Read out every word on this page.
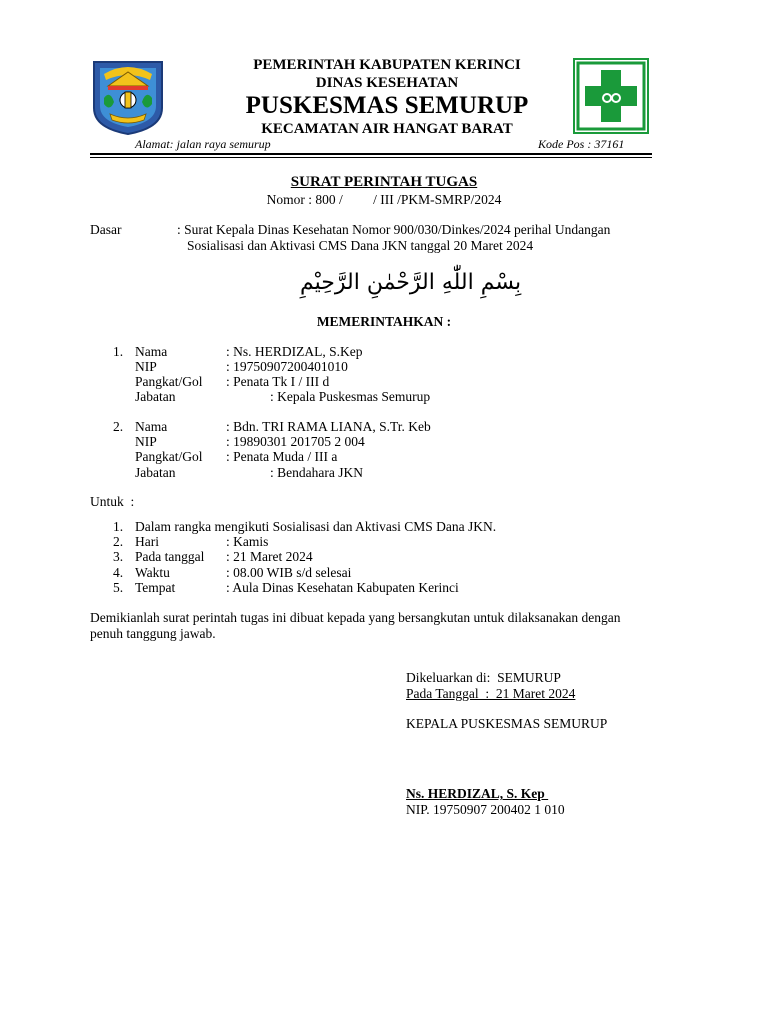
PEMERINTAH KABUPATEN KERINCI
DINAS KESEHATAN
PUSKESMAS SEMURUP
KECAMATAN AIR HANGAT BARAT
Alamat: jalan raya semurup	Kode Pos : 37161
SURAT PERINTAH TUGAS
Nomor : 800 /         / III /PKM-SMRP/2024
Dasar	: Surat Kepala Dinas Kesehatan Nomor 900/030/Dinkes/2024 perihal Undangan
Sosialisasi dan Aktivasi CMS Dana JKN tanggal 20 Maret 2024
بِسْمِ اللّٰهِ الرَّحْمٰنِ الرَّحِيْمِ
MEMERINTAHKAN :
1. Nama	: Ns. HERDIZAL, S.Kep
NIP	: 19750907200401010
Pangkat/Gol : Penata Tk I / III d
Jabatan	: Kepala Puskesmas Semurup
2. Nama	: Bdn. TRI RAMA LIANA, S.Tr. Keb
NIP	: 19890301 201705 2 004
Pangkat/Gol : Penata Muda / III a
Jabatan	: Bendahara JKN
Untuk  :
1. Dalam rangka mengikuti Sosialisasi dan Aktivasi CMS Dana JKN.
2. Hari	: Kamis
3. Pada tanggal : 21 Maret 2024
4. Waktu	: 08.00 WIB s/d selesai
5. Tempat	: Aula Dinas Kesehatan Kabupaten Kerinci
Demikianlah surat perintah tugas ini dibuat kepada yang bersangkutan untuk dilaksanakan dengan
penuh tanggung jawab.
Dikeluarkan di:  SEMURUP
Pada Tanggal  :  21 Maret 2024
KEPALA PUSKESMAS SEMURUP
Ns. HERDIZAL, S. Kep
NIP. 19750907 200402 1 010
